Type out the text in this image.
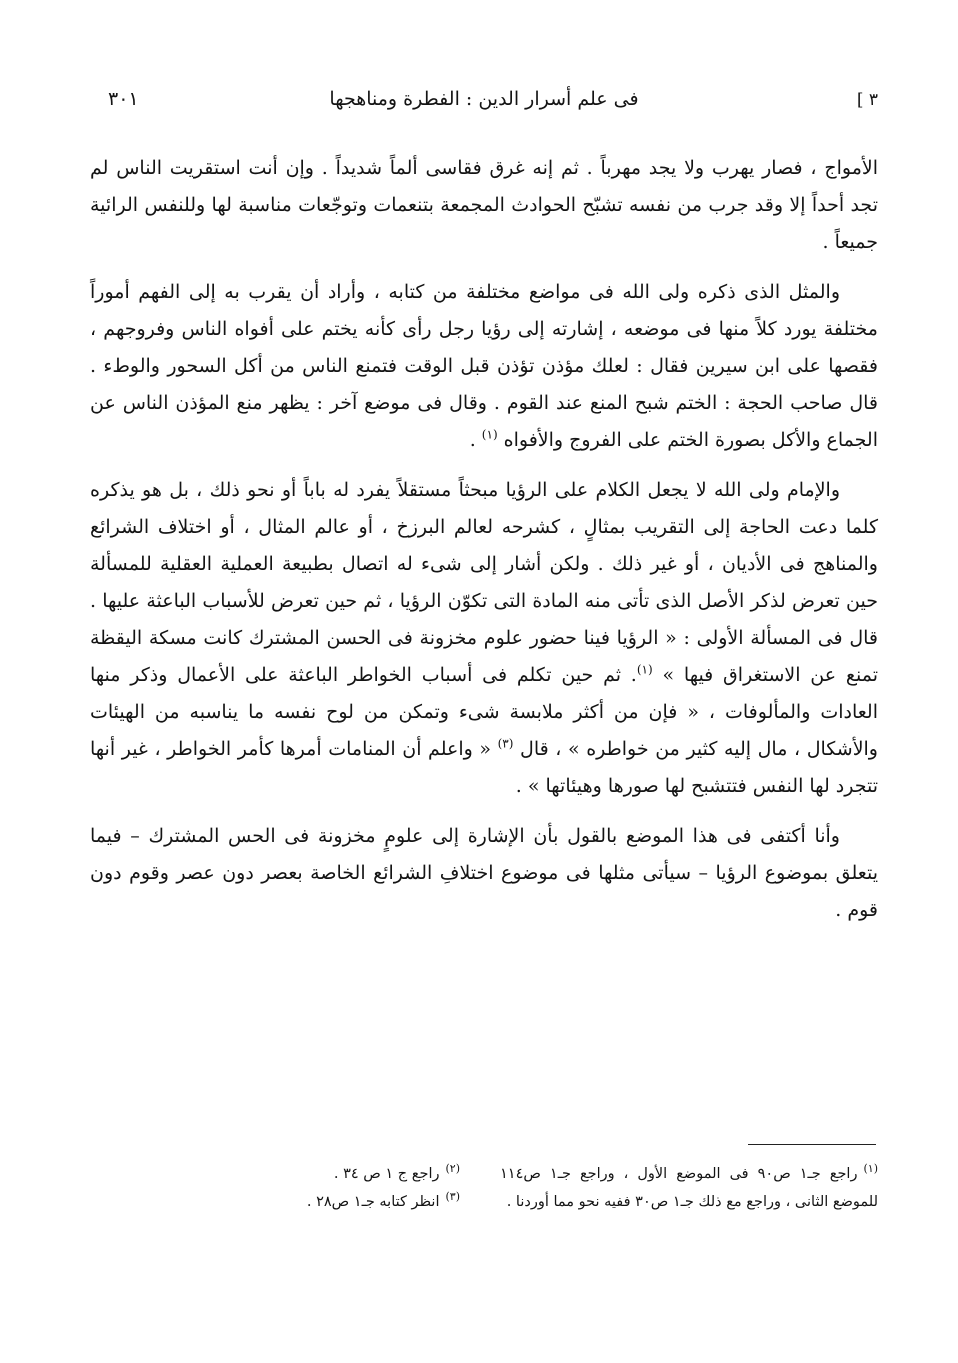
٣ ]
فى علم أسرار الدين : الفطرة ومناهجها
٣٠١

الأمواج ، فصار يهرب ولا يجد مهرباً . ثم إنه غرق فقاسى ألماً شديداً . وإن أنت استقريت الناس لم تجد أحداً إلا وقد جرب من نفسه تشبّح الحوادث المجمعة بتنعمات وتوجّعات مناسبة لها وللنفس الرائية جميعاً .

والمثل الذى ذكره ولى الله فى مواضع مختلفة من كتابه ، وأراد أن يقرب به إلى الفهم أموراً مختلفة يورد كلاً منها فى موضعه ، إشارته إلى رؤيا رجل رأى كأنه يختم على أفواه الناس وفروجهم ، فقصها على ابن سيرين فقال : لعلك مؤذن تؤذن قبل الوقت فتمنع الناس من أكل السحور والوطء . قال صاحب الحجة : الختم شبح المنع عند القوم . وقال فى موضع آخر : يظهر منع المؤذن الناس عن الجماع والأكل بصورة الختم على الفروج والأفواه $^{(١)}$ .

والإمام ولى الله لا يجعل الكلام على الرؤيا مبحثاً مستقلاً يفرد له باباً أو نحو ذلك ، بل هو يذكره كلما دعت الحاجة إلى التقريب بمثالٍ ، كشرحه لعالم البرزخ ، أو عالم المثال ، أو اختلاف الشرائع والمناهج فى الأديان ، أو غير ذلك . ولكن أشار إلى شىء له اتصال بطبيعة العملية العقلية للمسألة حين تعرض لذكر الأصل الذى تأتى منه المادة التى تكوّن الرؤيا ، ثم حين تعرض للأسباب الباعثة عليها . قال فى المسألة الأولى : « الرؤيا فينا حضور علوم مخزونة فى الحسن المشترك كانت مسكة اليقظة تمنع عن الاستغراق فيها » $^{(١)}$. ثم حين تكلم فى أسباب الخواطر الباعثة على الأعمال وذكر منها العادات والمألوفات ، « فإن من أكثر ملابسة شىء وتمكن من لوح نفسه ما يناسبه من الهيئات والأشكال ، مال إليه كثير من خواطره » ، قال $^{(٣)}$ « واعلم أن المنامات أمرها كأمر الخواطر ، غير أنها تتجرد لها النفس فتتشبح لها صورها وهيئاتها » .

وأنا أكتفى فى هذا الموضع بالقول بأن الإشارة إلى علومٍ مخزونة فى الحس المشترك – فيما يتعلق بموضوع الرؤيا – سيأتى مثلها فى موضوع اختلافِ الشرائع الخاصة بعصر دون عصر وقوم دون قوم .

$^{(١)}$راجع جـ١ ص٩٠ فى الموضع الأول ، وراجع جـ١ ص١١٤ للموضع الثانى ، وراجع مع ذلك جـ١ ص٣٠ ففيه نحو مما أوردنا .

$^{(٢)}$راجع ج ١ ص ٣٤ .

$^{(٣)}$انظر كتابه جـ١ ص٢٨ .
